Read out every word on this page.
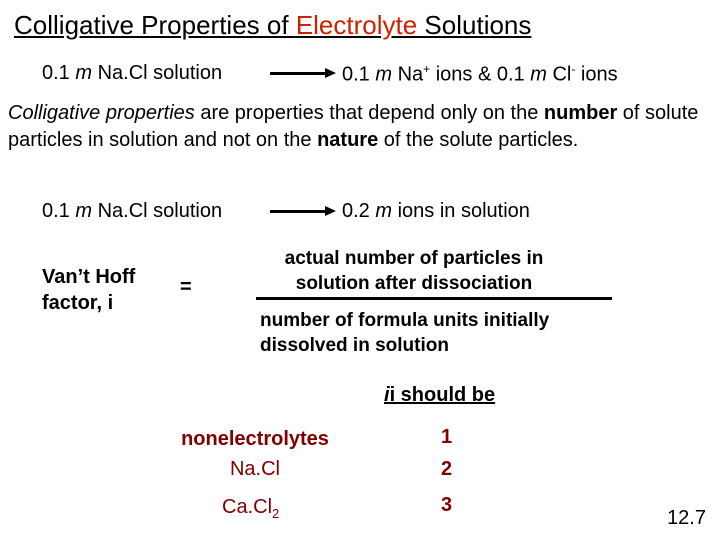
Colligative Properties of Electrolyte Solutions
0.1 m Na.Cl solution	0.1 m Na+ ions & 0.1 m Cl- ions
Colligative properties are properties that depend only on the number of solute particles in solution and not on the nature of the solute particles.
0.1 m Na.Cl solution	0.2 m ions in solution
Van’t Hoff
factor, i
=
actual number of particles in solution after dissociation
number of formula units initially dissolved in solution
ii should be
nonelectrolytes	1
Na.Cl	2
$Ca.Cl_2$	3
12.7
